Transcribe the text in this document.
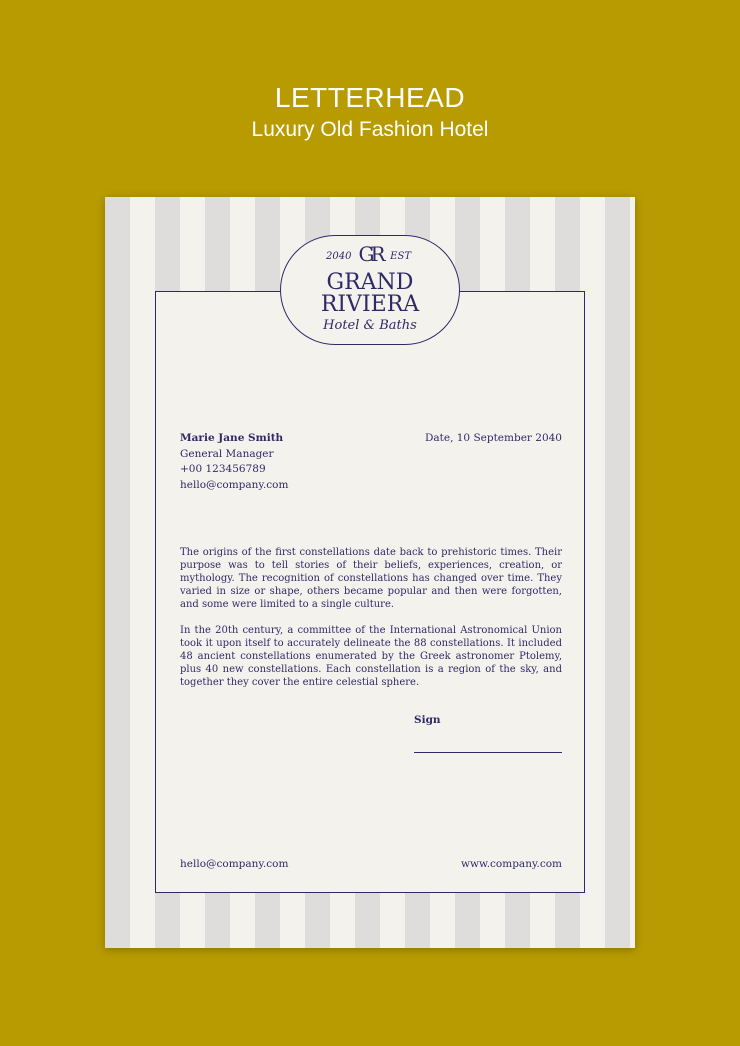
LETTERHEAD
Luxury Old Fashion Hotel
Marie Jane Smith
General Manager
+00 123456789
hello@company.com
Date, 10 September 2040

The origins of the first constellations date back to prehistoric times. Their purpose was to tell stories of their beliefs, experiences, creation, or mythology. The recognition of constellations has changed over time. They varied in size or shape, others became popular and then were forgotten, and some were limited to a single culture.

In the 20th century, a committee of the International Astronomical Union took it upon itself to accurately delineate the 88 constellations. It included 48 ancient constellations enumerated by the Greek astronomer Ptolemy, plus 40 new constellations. Each constellation is a region of the sky, and together they cover the entire celestial sphere.

Sign
hello@company.com	www.company.com
2040 GR EST
GRAND
RIVIERA
Hotel & Baths
